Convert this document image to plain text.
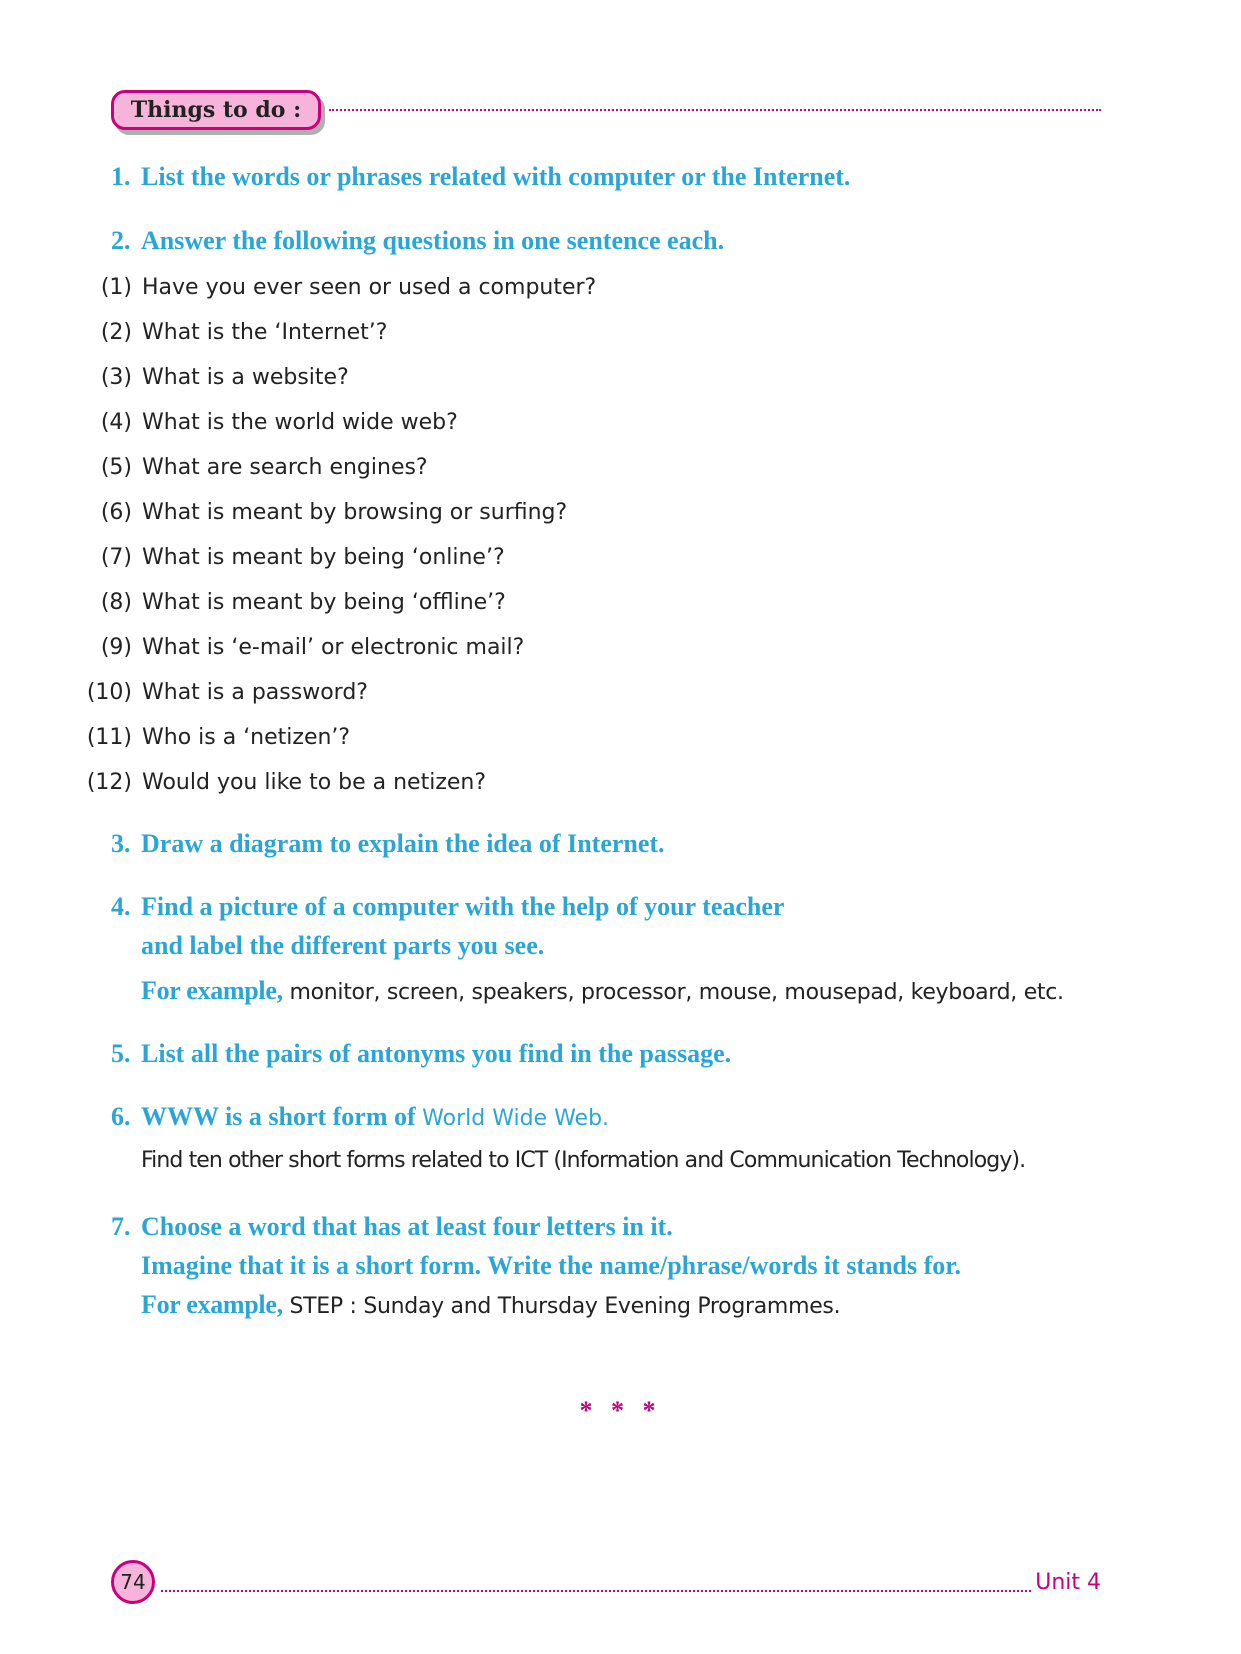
Things to do :
1. List the words or phrases related with computer or the Internet.
2. Answer the following questions in one sentence each.
(1) Have you ever seen or used a computer?
(2) What is the ‘Internet’?
(3) What is a website?
(4) What is the world wide web?
(5) What are search engines?
(6) What is meant by browsing or surfing?
(7) What is meant by being ‘online’?
(8) What is meant by being ‘offline’?
(9) What is ‘e-mail’ or electronic mail?
(10) What is a password?
(11) Who is a ‘netizen’?
(12) Would you like to be a netizen?
3. Draw a diagram to explain the idea of Internet.
4. Find a picture of a computer with the help of your teacher
and label the different parts you see.
For example, monitor, screen, speakers, processor, mouse, mousepad, keyboard, etc.
5. List all the pairs of antonyms you find in the passage.
6. WWW is a short form of World Wide Web.
Find ten other short forms related to ICT (Information and Communication Technology).
7. Choose a word that has at least four letters in it.
Imagine that it is a short form. Write the name/phrase/words it stands for.
For example, STEP : Sunday and Thursday Evening Programmes.
* * *
74	Unit 4
